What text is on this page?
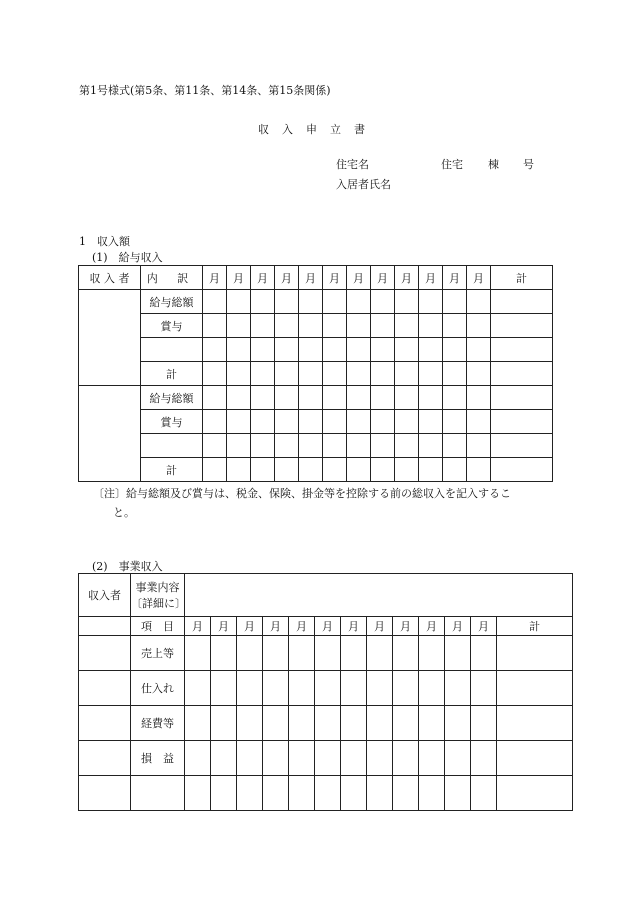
第1号様式(第5条、第11条、第14条、第15条関係)
収 入 申 立 書
住宅名	住宅 棟 号
入居者氏名
1　収入額
(1)　給与収入
収 入 者	内 訳	月	月	月	月	月	月	月	月	月	月	月	月	計
	給与総額													
	賞与													

	計													
	給与総額													
	賞与													

	計													
〔注〕給与総額及び賞与は、税金、保険、掛金等を控除する前の総収入を記入するこ
と。
(2)　事業収入
収入者	事業内容
〔詳細に〕													

	項　目	月	月	月	月	月	月	月	月	月	月	月	月	計
	売上等													
	仕入れ													
	経費等													
	損　益													
